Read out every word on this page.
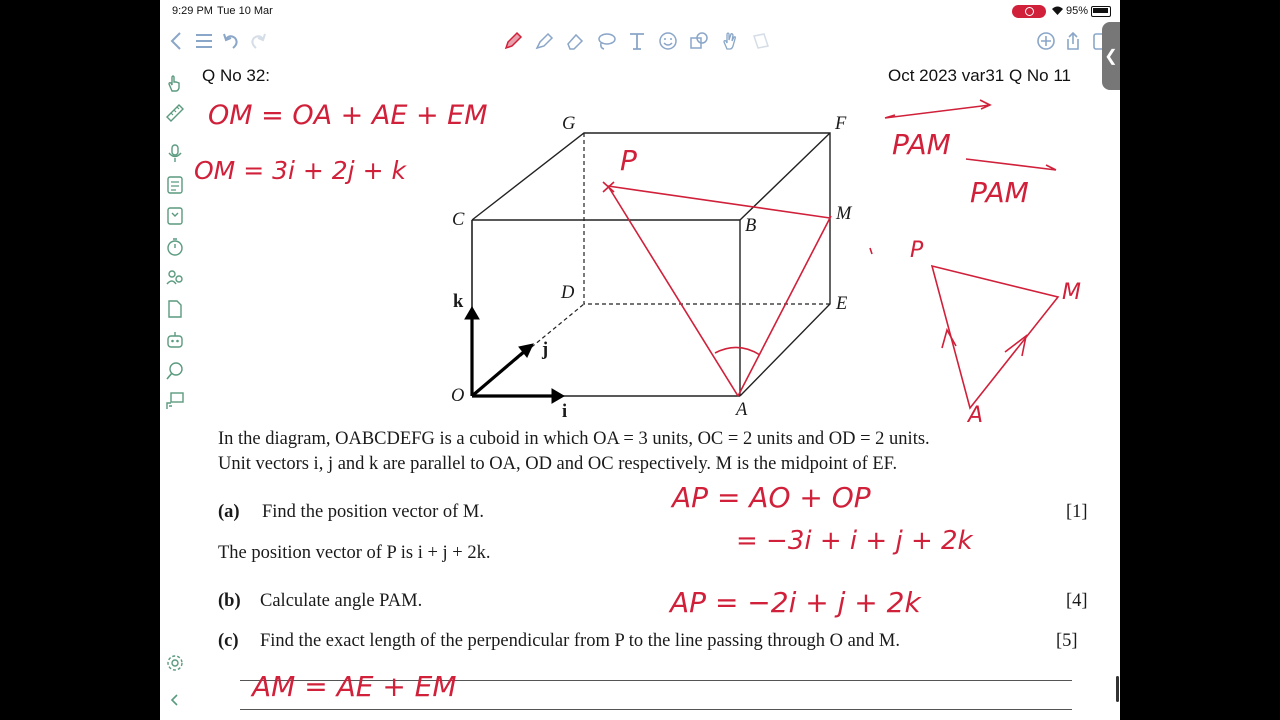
9:29 PM Tue 10 Mar	95%
Q No 32:	Oct 2023 var31 Q No 11
G	F
C	B
M
D
E
O
A
i
j
k
In the diagram, OABCDEFG is a cuboid in which OA = 3 units, OC = 2 units and OD = 2 units.
Unit vectors i, j and k are parallel to OA, OD and OC respectively. M is the midpoint of EF.
(a) Find the position vector of M.	[1]
The position vector of P is i + j + 2k.
(b) Calculate angle PAM.	[4]
(c) Find the exact length of the perpendicular from P to the line passing through O and M.	[5]
OM = OA + AE + EM
OM = 3i + 2j + k
PAM
PAM
P
P
M
A
AP = AO + OP
= −3i + i + j + 2k
AP = −2i + j + 2k
AM = AE + EM
❮
